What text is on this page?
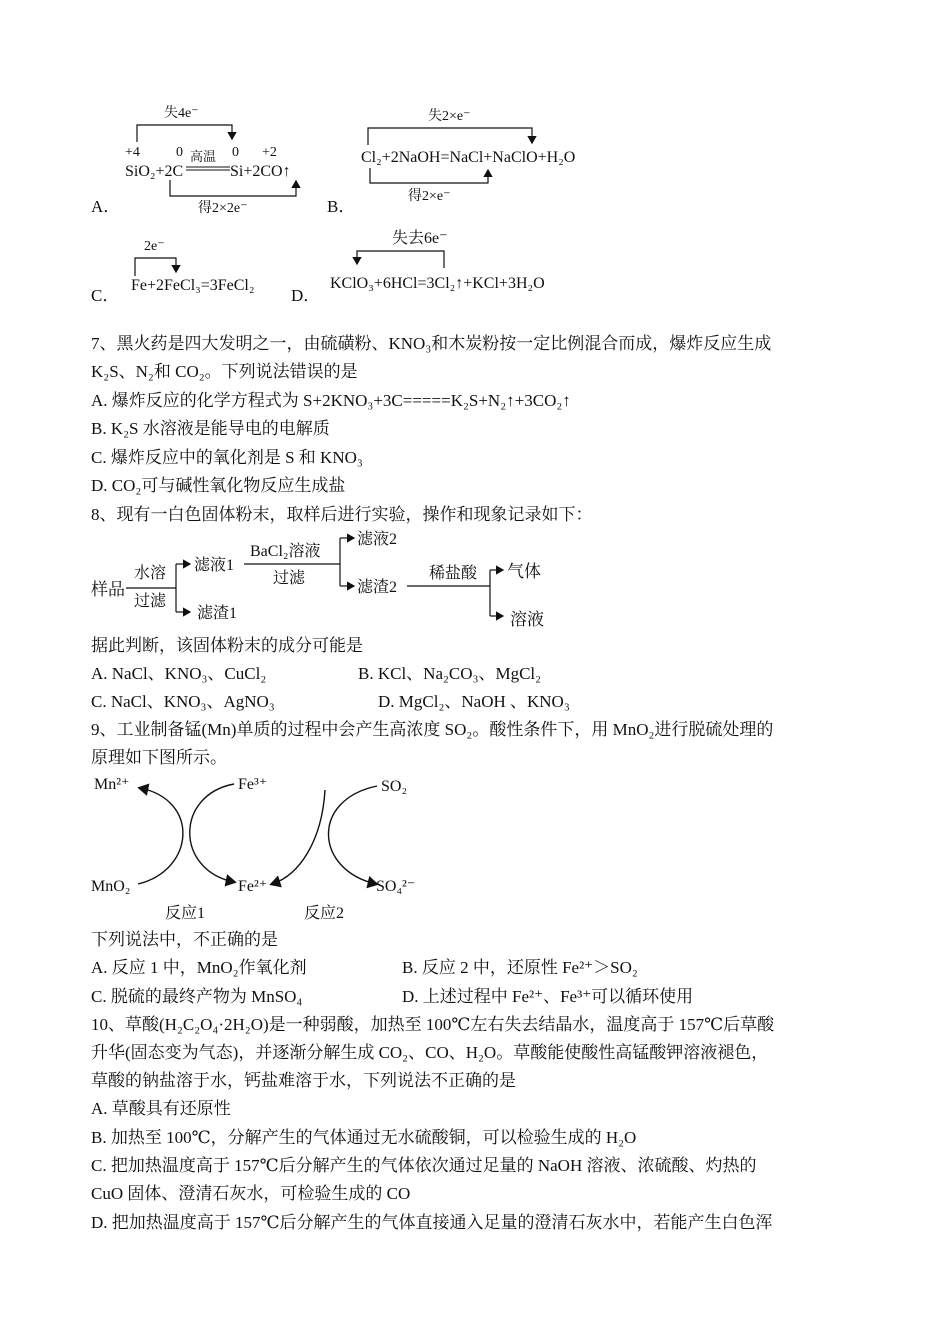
A．
失4e⁻
+4	0	0 +2
高温
SiO₂+2C	Si+2CO↑
得2×2e⁻	B．
失2×e⁻
Cl₂+2NaOH=NaCl+NaClO+H₂O
得2×e⁻
C．
2e⁻
Fe+2FeCl₃=3FeCl₂
D．
失去6e⁻
KClO₃+6HCl=3Cl₂↑+KCl+3H₂O
7、黑火药是四大发明之一，由硫磺粉、KNO₃和木炭粉按一定比例混合而成，爆炸反应生成
K₂S、N₂和 CO₂。下列说法错误的是
A. 爆炸反应的化学方程式为 S+2KNO₃+3C=====K₂S+N₂↑+3CO₂↑
B. K₂S 水溶液是能导电的电解质
C. 爆炸反应中的氧化剂是 S 和 KNO₃
D. CO₂可与碱性氧化物反应生成盐
8、现有一白色固体粉末，取样后进行实验，操作和现象记录如下：
样品
水溶
过滤
滤液1
滤渣1
BaCl₂溶液
过滤
滤液2
滤渣2
稀盐酸 气体
溶液
据此判断，该固体粉末的成分可能是
A. NaCl、KNO₃、CuCl₂	B. KCl、Na₂CO₃、MgCl₂
C. NaCl、KNO₃、AgNO₃	D. MgCl₂、NaOH 、KNO₃
9、工业制备锰(Mn)单质的过程中会产生高浓度 SO₂。酸性条件下，用 MnO₂进行脱硫处理的
原理如下图所示。
Mn²⁺	Fe³⁺	SO₂
MnO₂	Fe²⁺	SO₄²⁻
反应1	反应2
下列说法中，不正确的是
A. 反应 1 中，MnO₂作氧化剂	B. 反应 2 中，还原性 Fe²⁺＞SO₂
C. 脱硫的最终产物为 MnSO₄	D. 上述过程中 Fe²⁺、Fe³⁺可以循环使用
10、草酸(H₂C₂O₄·2H₂O)是一种弱酸，加热至 100℃左右失去结晶水，温度高于 157℃后草酸
升华(固态变为气态)，并逐渐分解生成 CO₂、CO、H₂O。草酸能使酸性高锰酸钾溶液褪色，
草酸的钠盐溶于水，钙盐难溶于水，下列说法不正确的是
A. 草酸具有还原性
B. 加热至 100℃，分解产生的气体通过无水硫酸铜，可以检验生成的 H₂O
C. 把加热温度高于 157℃后分解产生的气体依次通过足量的 NaOH 溶液、浓硫酸、灼热的
CuO 固体、澄清石灰水，可检验生成的 CO
D. 把加热温度高于 157℃后分解产生的气体直接通入足量的澄清石灰水中，若能产生白色浑
